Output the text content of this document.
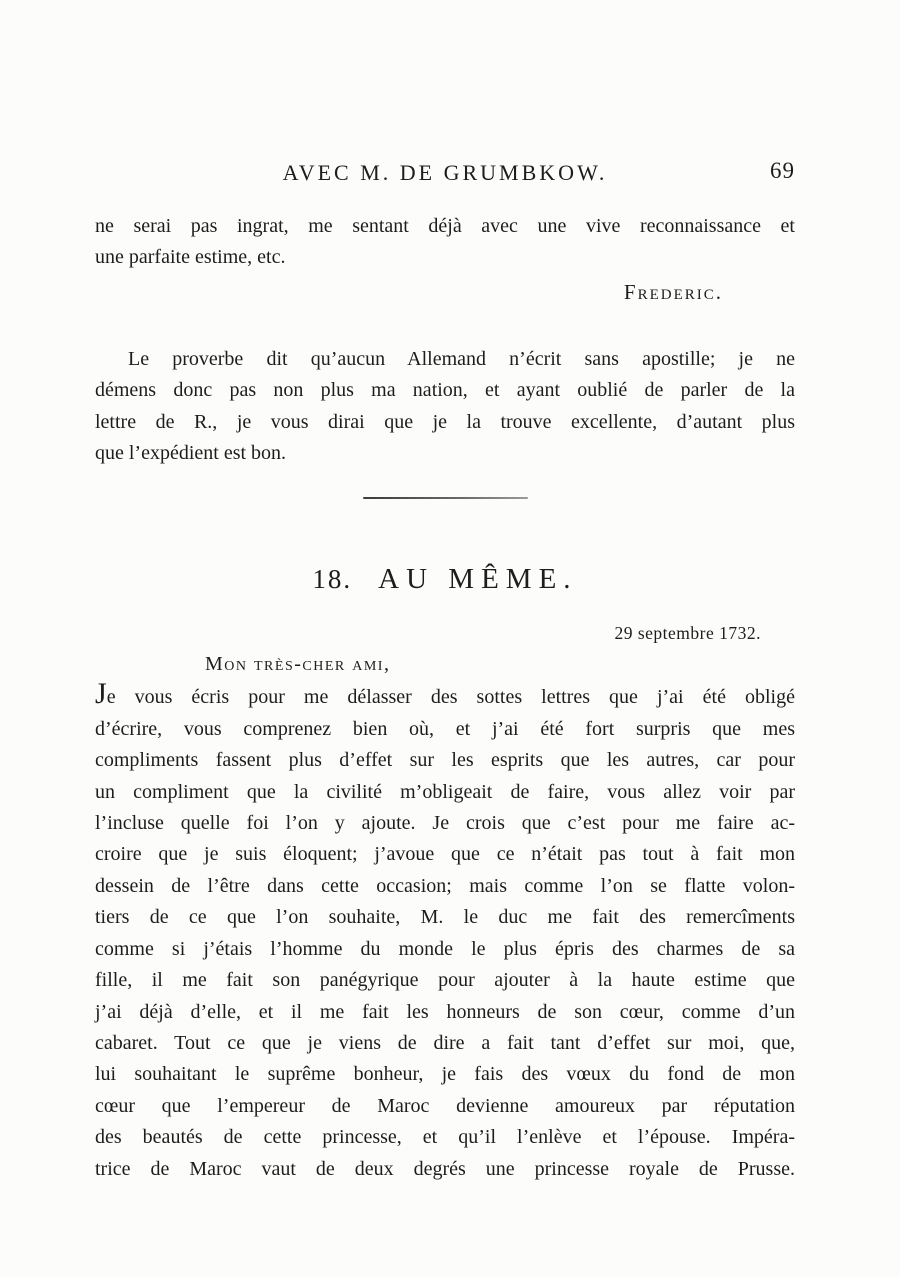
AVEC M. DE GRUMBKOW.	69
ne serai pas ingrat, me sentant déjà avec une vive reconnaissance et
une parfaite estime, etc.
Frederic.
Le proverbe dit qu’aucun Allemand n’écrit sans apostille; je ne
démens donc pas non plus ma nation, et ayant oublié de parler de la
lettre de R., je vous dirai que je la trouve excellente, d’autant plus
que l’expédient est bon.
18. AU MÊME.
29 septembre 1732.
Mon très-cher ami,
Je vous écris pour me délasser des sottes lettres que j’ai été obligé
d’écrire, vous comprenez bien où, et j’ai été fort surpris que mes
compliments fassent plus d’effet sur les esprits que les autres, car pour
un compliment que la civilité m’obligeait de faire, vous allez voir par
l’incluse quelle foi l’on y ajoute. Je crois que c’est pour me faire ac-
croire que je suis éloquent; j’avoue que ce n’était pas tout à fait mon
dessein de l’être dans cette occasion; mais comme l’on se flatte volon-
tiers de ce que l’on souhaite, M. le duc me fait des remercîments
comme si j’étais l’homme du monde le plus épris des charmes de sa
fille, il me fait son panégyrique pour ajouter à la haute estime que
j’ai déjà d’elle, et il me fait les honneurs de son cœur, comme d’un
cabaret. Tout ce que je viens de dire a fait tant d’effet sur moi, que,
lui souhaitant le suprême bonheur, je fais des vœux du fond de mon
cœur que l’empereur de Maroc devienne amoureux par réputation
des beautés de cette princesse, et qu’il l’enlève et l’épouse. Impéra-
trice de Maroc vaut de deux degrés une princesse royale de Prusse.
